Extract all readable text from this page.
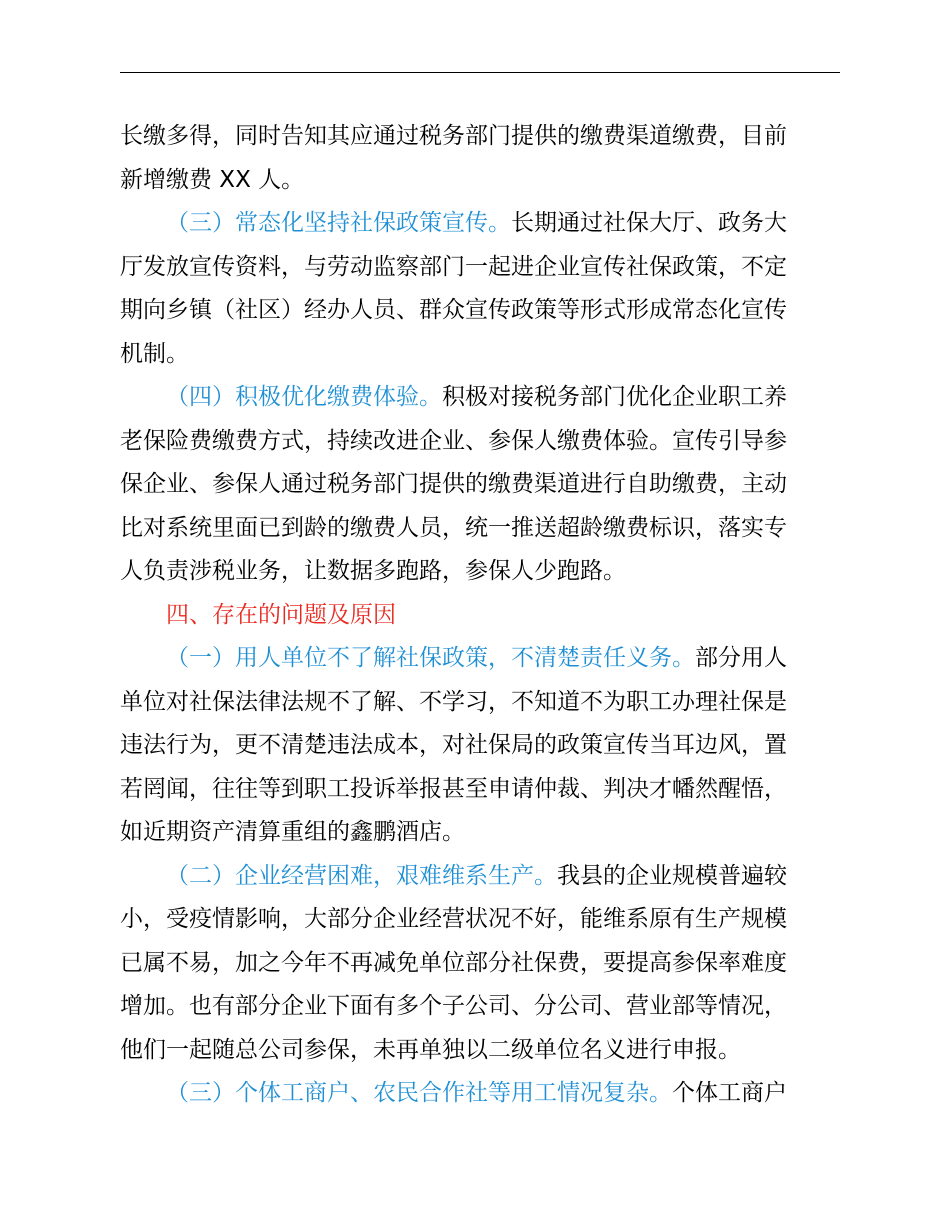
长缴多得，同时告知其应通过税务部门提供的缴费渠道缴费，目前
新增缴费 XX 人。
（三）常态化坚持社保政策宣传。长期通过社保大厅、政务大
厅发放宣传资料，与劳动监察部门一起进企业宣传社保政策，不定
期向乡镇（社区）经办人员、群众宣传政策等形式形成常态化宣传
机制。
（四）积极优化缴费体验。积极对接税务部门优化企业职工养
老保险费缴费方式，持续改进企业、参保人缴费体验。宣传引导参
保企业、参保人通过税务部门提供的缴费渠道进行自助缴费，主动
比对系统里面已到龄的缴费人员，统一推送超龄缴费标识，落实专
人负责涉税业务，让数据多跑路，参保人少跑路。
四、存在的问题及原因
（一）用人单位不了解社保政策，不清楚责任义务。部分用人
单位对社保法律法规不了解、不学习，不知道不为职工办理社保是
违法行为，更不清楚违法成本，对社保局的政策宣传当耳边风，置
若罔闻，往往等到职工投诉举报甚至申请仲裁、判决才幡然醒悟，
如近期资产清算重组的鑫鹏酒店。
（二）企业经营困难，艰难维系生产。我县的企业规模普遍较
小，受疫情影响，大部分企业经营状况不好，能维系原有生产规模
已属不易，加之今年不再减免单位部分社保费，要提高参保率难度
增加。也有部分企业下面有多个子公司、分公司、营业部等情况，
他们一起随总公司参保，未再单独以二级单位名义进行申报。
（三）个体工商户、农民合作社等用工情况复杂。个体工商户
